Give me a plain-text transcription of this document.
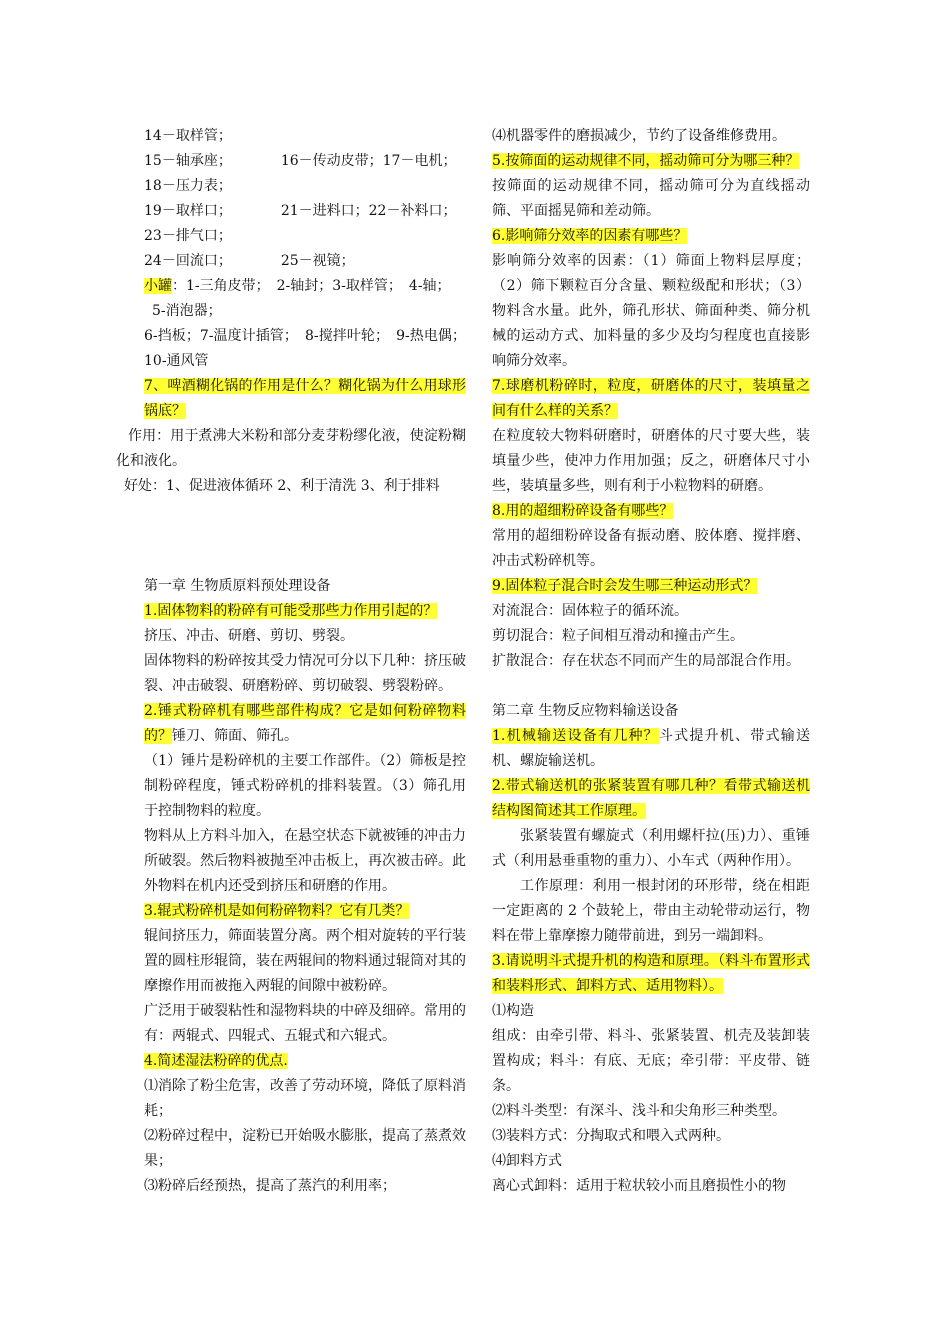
14－取样管；

15－轴承座；　　　　16－传动皮带；17－电机；

18－压力表；

19－取样口；　　　　21－进料口；22－补料口；

23－排气口；

24－回流口；　　　　25－视镜；

小罐：1-三角皮带；　2-轴封；3-取样管；　4-轴；

5-消泡器；

6-挡板；7-温度计插管；　8-搅拌叶轮；　9-热电偶；10-通风管

7、啤酒糊化锅的作用是什么？糊化锅为什么用球形锅底？

作用：用于煮沸大米粉和部分麦芽粉缪化液，使淀粉糊化和液化。

好处：1、促进液体循环 2、利于清洗 3、利于排料

第一章 生物质原料预处理设备

1.固体物料的粉碎有可能受那些力作用引起的？

挤压、冲击、研磨、剪切、劈裂。

固体物料的粉碎按其受力情况可分以下几种：挤压破裂、冲击破裂、研磨粉碎、剪切破裂、劈裂粉碎。

2.锤式粉碎机有哪些部件构成？它是如何粉碎物料的？锤刀、筛面、筛孔。

（1）锤片是粉碎机的主要工作部件。（2）筛板是控制粉碎程度，锤式粉碎机的排料装置。（3）筛孔用于控制物料的粒度。

物料从上方料斗加入，在悬空状态下就被锤的冲击力所破裂。然后物料被抛至冲击板上，再次被击碎。此外物料在机内还受到挤压和研磨的作用。

3.辊式粉碎机是如何粉碎物料？它有几类？

辊间挤压力，筛面装置分离。两个相对旋转的平行装置的圆柱形辊筒，装在两辊间的物料通过辊筒对其的摩擦作用而被拖入两辊的间隙中被粉碎。

广泛用于破裂粘性和湿物料块的中碎及细碎。常用的有：两辊式、四辊式、五辊式和六辊式。

4.简述湿法粉碎的优点.

⑴消除了粉尘危害，改善了劳动环境，降低了原料消耗；

⑵粉碎过程中，淀粉已开始吸水膨胀，提高了蒸煮效果；

⑶粉碎后经预热，提高了蒸汽的利用率；

⑷机器零件的磨损减少，节约了设备维修费用。

5.按筛面的运动规律不同，摇动筛可分为哪三种？

按筛面的运动规律不同，摇动筛可分为直线摇动筛、平面摇晃筛和差动筛。

6.影响筛分效率的因素有哪些？

影响筛分效率的因素：（1）筛面上物料层厚度；（2）筛下颗粒百分含量、颗粒级配和形状；（3）物料含水量。此外，筛孔形状、筛面种类、筛分机械的运动方式、加料量的多少及均匀程度也直接影响筛分效率。

7.球磨机粉碎时，粒度，研磨体的尺寸，装填量之间有什么样的关系？

在粒度较大物料研磨时，研磨体的尺寸要大些，装填量少些，使冲力作用加强；反之，研磨体尺寸小些，装填量多些，则有利于小粒物料的研磨。

8.用的超细粉碎设备有哪些？

常用的超细粉碎设备有振动磨、胶体磨、搅拌磨、冲击式粉碎机等。

9.固体粒子混合时会发生哪三种运动形式？

对流混合：固体粒子的循环流。

剪切混合：粒子间相互滑动和撞击产生。

扩散混合：存在状态不同而产生的局部混合作用。

第二章 生物反应物料输送设备

1.机械输送设备有几种？斗式提升机、带式输送机、螺旋输送机。

2.带式输送机的张紧装置有哪几种？看带式输送机结构图简述其工作原理。

张紧装置有螺旋式（利用螺杆拉(压)力）、重锤式（利用悬垂重物的重力）、小车式（两种作用）。

工作原理：利用一根封闭的环形带，绕在相距一定距离的 2 个鼓轮上，带由主动轮带动运行，物料在带上靠摩擦力随带前进，到另一端卸料。

3.请说明斗式提升机的构造和原理。（料斗布置形式和装料形式、卸料方式、适用物料）。

⑴构造

组成：由牵引带、料斗、张紧装置、机壳及装卸装置构成；料斗：有底、无底；牵引带：平皮带、链条。

⑵料斗类型：有深斗、浅斗和尖角形三种类型。

⑶装料方式：分掏取式和喂入式两种。

⑷卸料方式

离心式卸料：适用于粒状较小而且磨损性小的物
